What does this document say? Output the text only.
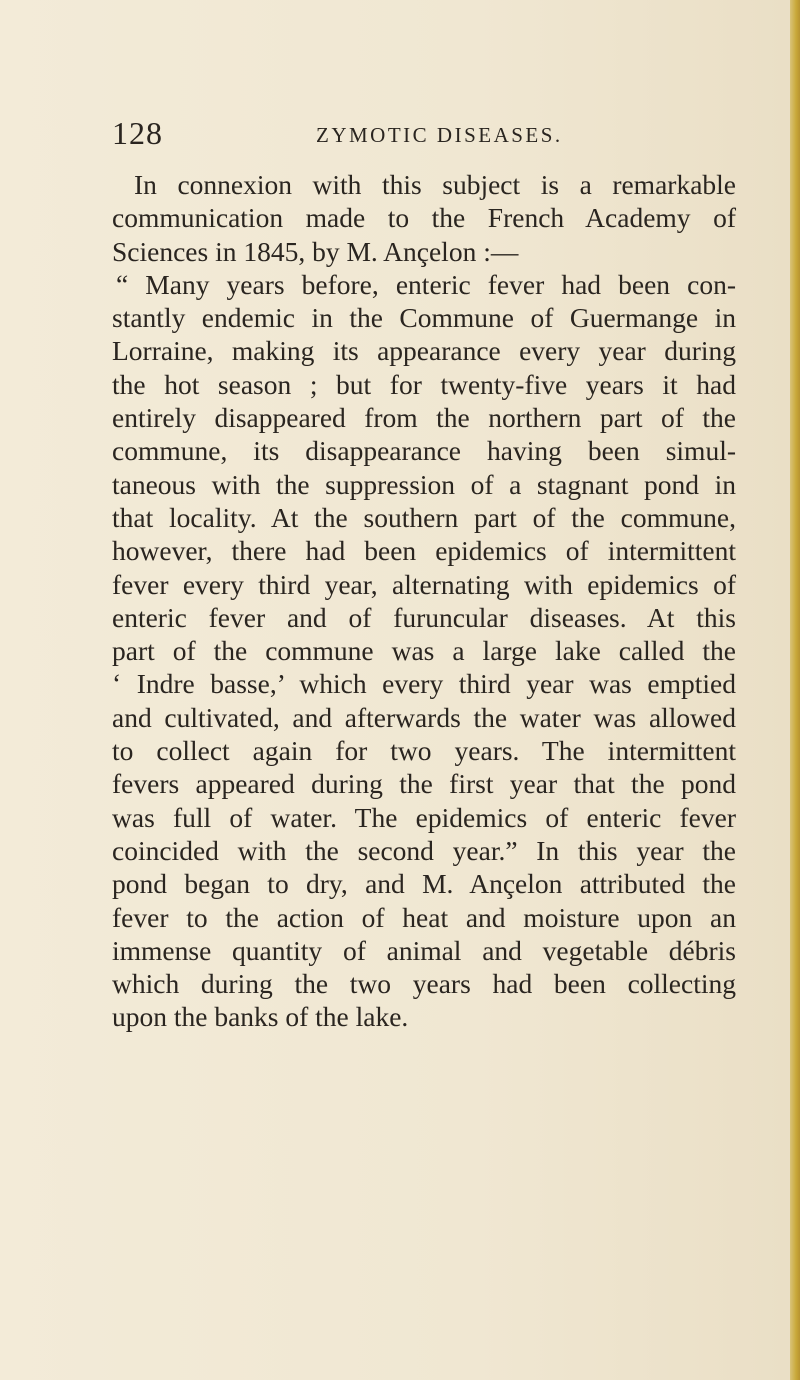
128	ZYMOTIC DISEASES.
In connexion with this subject is a remarkable
communication made to the French Academy of
Sciences in 1845, by M. Ançelon :—
“ Many years before, enteric fever had been con-
stantly endemic in the Commune of Guermange in
Lorraine, making its appearance every year during
the hot season ; but for twenty-five years it had
entirely disappeared from the northern part of the
commune, its disappearance having been simul-
taneous with the suppression of a stagnant pond in
that locality. At the southern part of the commune,
however, there had been epidemics of intermittent
fever every third year, alternating with epidemics of
enteric fever and of furuncular diseases. At this
part of the commune was a large lake called the
‘ Indre basse,’ which every third year was emptied
and cultivated, and afterwards the water was allowed
to collect again for two years. The intermittent
fevers appeared during the first year that the pond
was full of water. The epidemics of enteric fever
coincided with the second year.” In this year the
pond began to dry, and M. Ançelon attributed the
fever to the action of heat and moisture upon an
immense quantity of animal and vegetable débris
which during the two years had been collecting
upon the banks of the lake.
